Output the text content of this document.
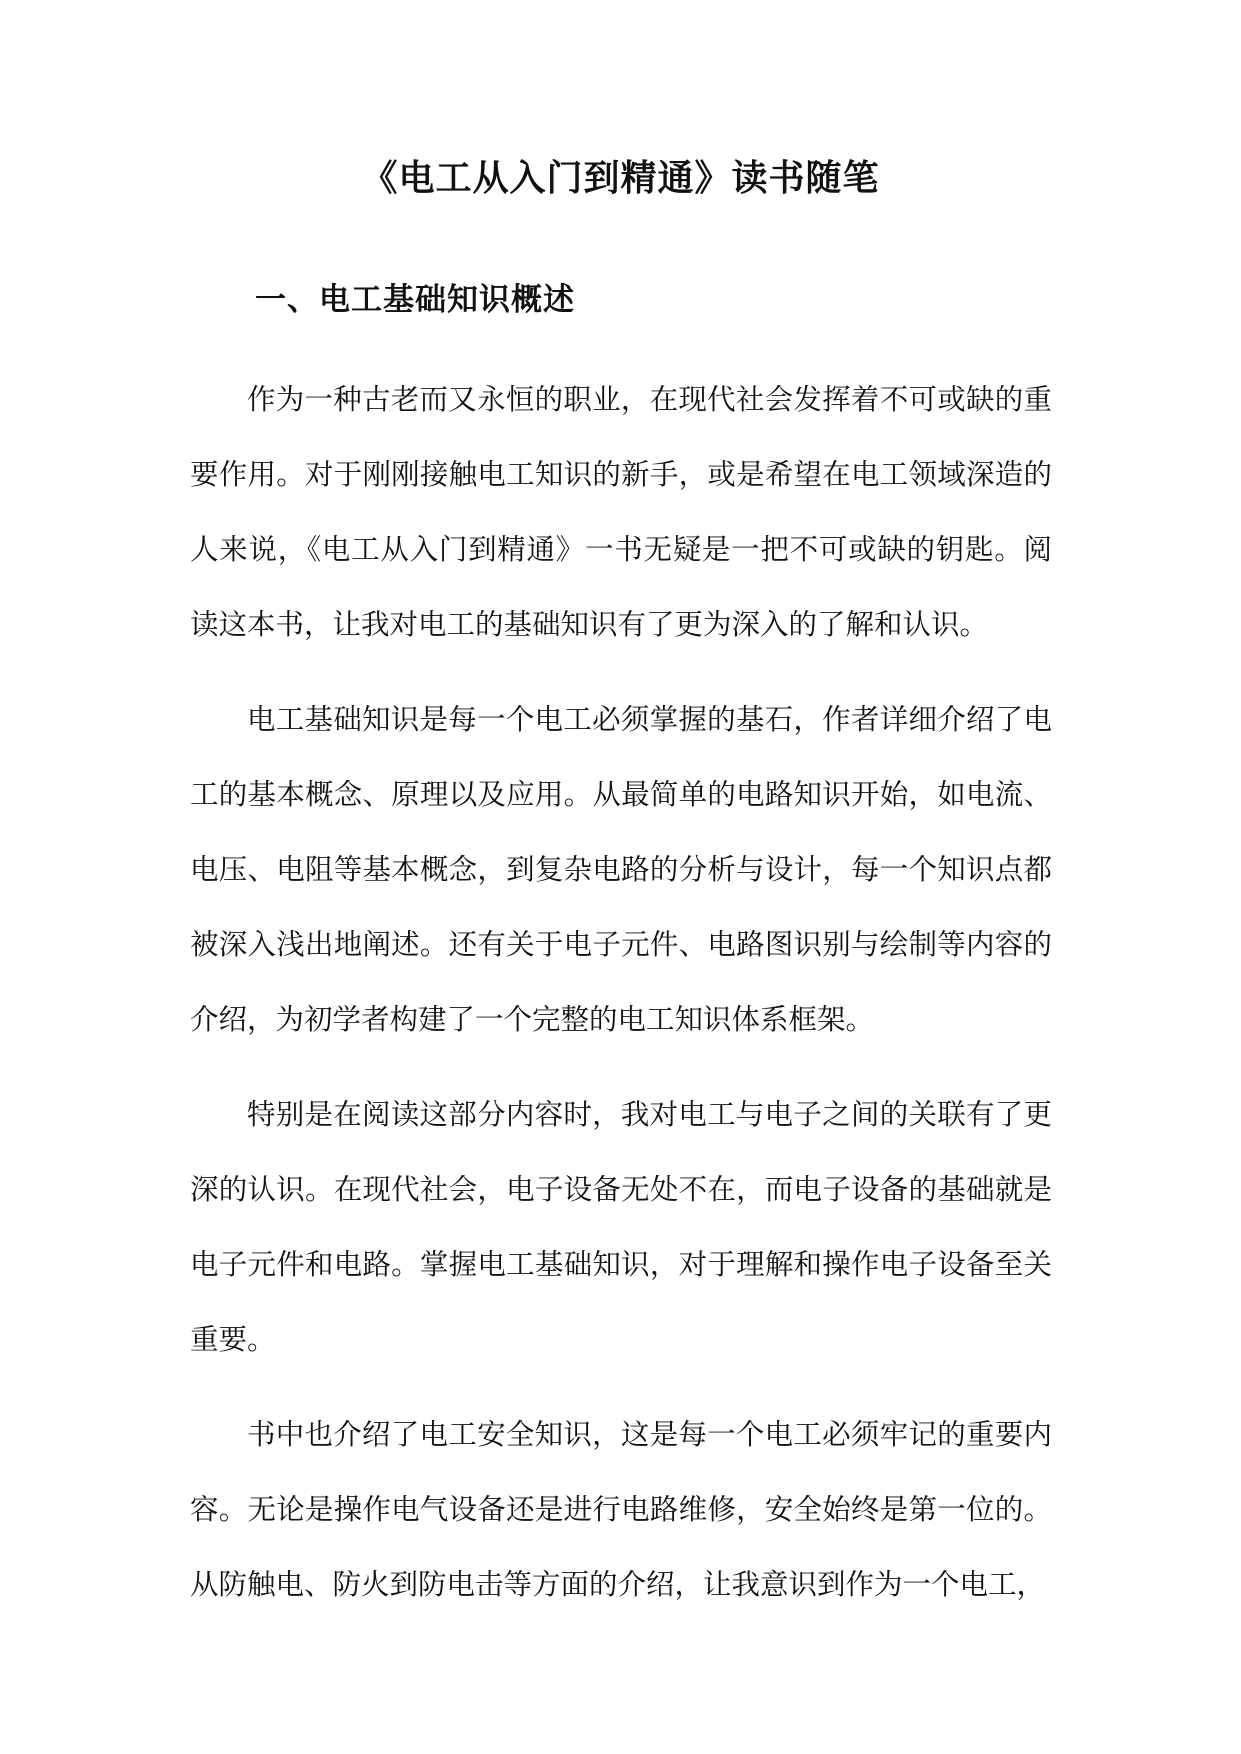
《电工从入门到精通》读书随笔
一、电工基础知识概述

作为一种古老而又永恒的职业，在现代社会发挥着不可或缺的重要作用。对于刚刚接触电工知识的新手，或是希望在电工领域深造的人来说，《电工从入门到精通》一书无疑是一把不可或缺的钥匙。阅读这本书，让我对电工的基础知识有了更为深入的了解和认识。

电工基础知识是每一个电工必须掌握的基石，作者详细介绍了电工的基本概念、原理以及应用。从最简单的电路知识开始，如电流、电压、电阻等基本概念，到复杂电路的分析与设计，每一个知识点都被深入浅出地阐述。还有关于电子元件、电路图识别与绘制等内容的介绍，为初学者构建了一个完整的电工知识体系框架。

特别是在阅读这部分内容时，我对电工与电子之间的关联有了更深的认识。在现代社会，电子设备无处不在，而电子设备的基础就是电子元件和电路。掌握电工基础知识，对于理解和操作电子设备至关重要。

书中也介绍了电工安全知识，这是每一个电工必须牢记的重要内容。无论是操作电气设备还是进行电路维修，安全始终是第一位的。从防触电、防火到防电击等方面的介绍，让我意识到作为一个电工，
